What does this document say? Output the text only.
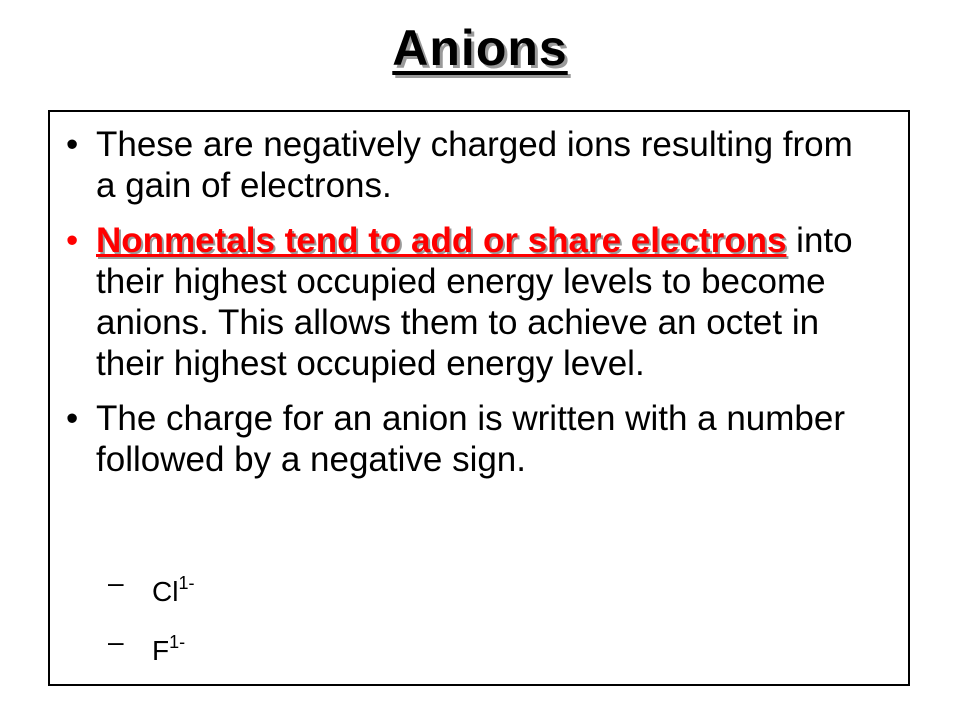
Anions
• These are negatively charged ions resulting from a gain of electrons.
• Nonmetals tend to add or share electrons into their highest occupied energy levels to become anions. This allows them to achieve an octet in their highest occupied energy level.
• The charge for an anion is written with a number followed by a negative sign.
– $Cl^{1-}$
– $F^{1-}$
